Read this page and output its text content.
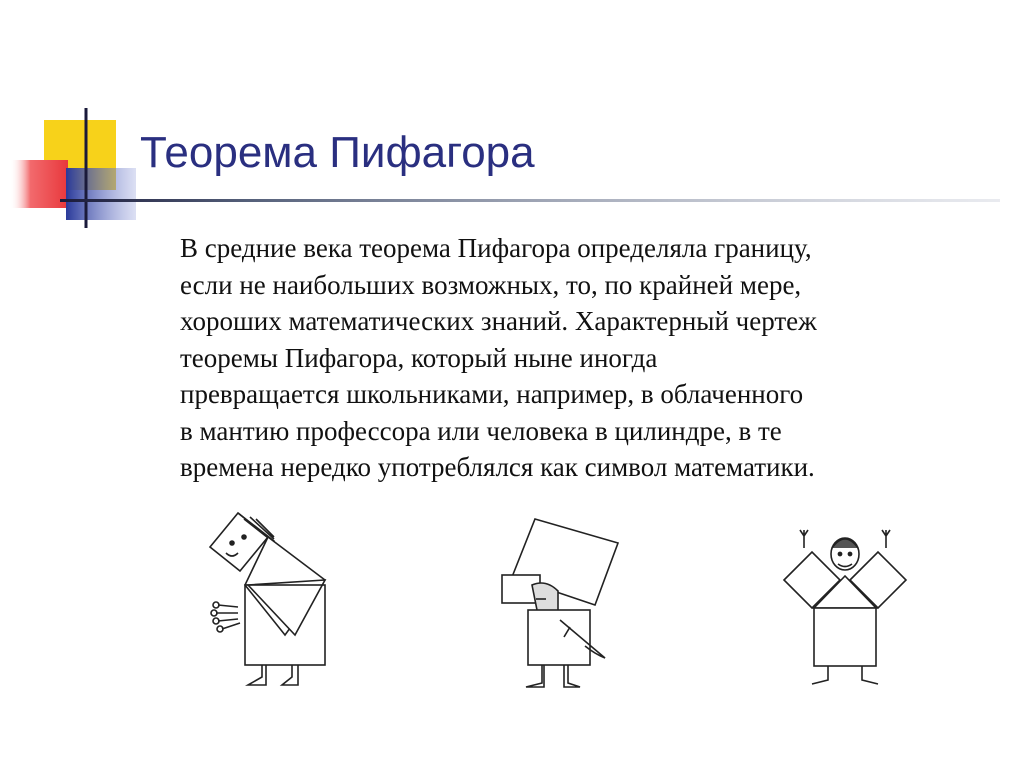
Теорема Пифагора
В средние века теорема Пифагора определяла границу,
если не наибольших возможных, то, по крайней мере,
хороших математических знаний. Характерный чертеж
теоремы Пифагора, который ныне иногда
превращается школьниками, например, в облаченного
в мантию профессора или человека в цилиндре, в те
времена нередко употреблялся как символ математики.
